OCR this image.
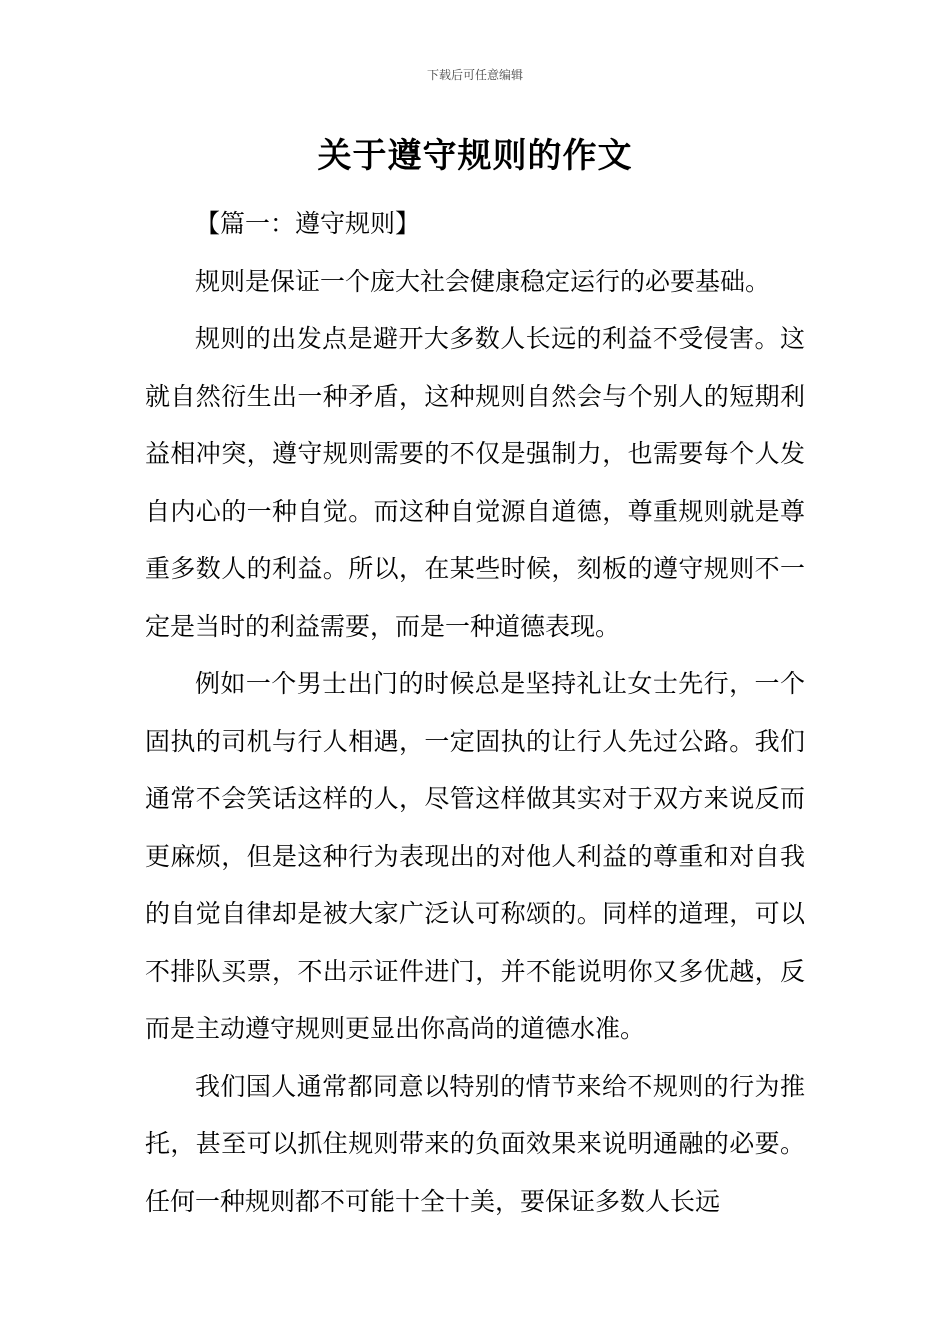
下载后可任意编辑
关于遵守规则的作文
【篇一：遵守规则】

规则是保证一个庞大社会健康稳定运行的必要基础。

规则的出发点是避开大多数人长远的利益不受侵害。这就自然衍生出一种矛盾，这种规则自然会与个别人的短期利益相冲突，遵守规则需要的不仅是强制力，也需要每个人发自内心的一种自觉。而这种自觉源自道德，尊重规则就是尊重多数人的利益。所以，在某些时候，刻板的遵守规则不一定是当时的利益需要，而是一种道德表现。

例如一个男士出门的时候总是坚持礼让女士先行，一个固执的司机与行人相遇，一定固执的让行人先过公路。我们通常不会笑话这样的人，尽管这样做其实对于双方来说反而更麻烦，但是这种行为表现出的对他人利益的尊重和对自我的自觉自律却是被大家广泛认可称颂的。同样的道理，可以不排队买票，不出示证件进门，并不能说明你又多优越，反而是主动遵守规则更显出你高尚的道德水准。

我们国人通常都同意以特别的情节来给不规则的行为推托，甚至可以抓住规则带来的负面效果来说明通融的必要。任何一种规则都不可能十全十美，要保证多数人长远
